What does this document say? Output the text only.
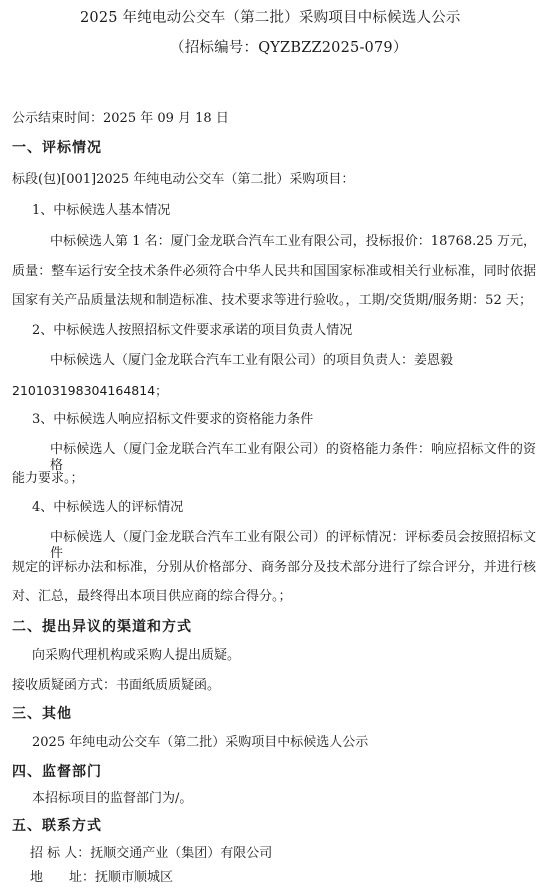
2025 年纯电动公交车（第二批）采购项目中标候选人公示
（招标编号：QYZBZZ2025-079）
公示结束时间：2025 年 09 月 18 日
一、评标情况
标段(包)[001]2025 年纯电动公交车（第二批）采购项目：
1、中标候选人基本情况
中标候选人第 1 名：厦门金龙联合汽车工业有限公司，投标报价：18768.25 万元，
质量：整车运行安全技术条件必须符合中华人民共和国国家标准或相关行业标准，同时依据
国家有关产品质量法规和制造标准、技术要求等进行验收。，工期/交货期/服务期：52 天；
2、中标候选人按照招标文件要求承诺的项目负责人情况
中标候选人（厦门金龙联合汽车工业有限公司）的项目负责人：姜恩毅
210103198304164814；
3、中标候选人响应招标文件要求的资格能力条件
中标候选人（厦门金龙联合汽车工业有限公司）的资格能力条件：响应招标文件的资格
能力要求。；
4、中标候选人的评标情况
中标候选人（厦门金龙联合汽车工业有限公司）的评标情况：评标委员会按照招标文件
规定的评标办法和标准，分别从价格部分、商务部分及技术部分进行了综合评分，并进行核
对、汇总，最终得出本项目供应商的综合得分。；
二、提出异议的渠道和方式
向采购代理机构或采购人提出质疑。
接收质疑函方式：书面纸质质疑函。
三、其他
2025 年纯电动公交车（第二批）采购项目中标候选人公示
四、监督部门
本招标项目的监督部门为/。
五、联系方式
招 标 人：抚顺交通产业（集团）有限公司
地　　址：抚顺市顺城区
